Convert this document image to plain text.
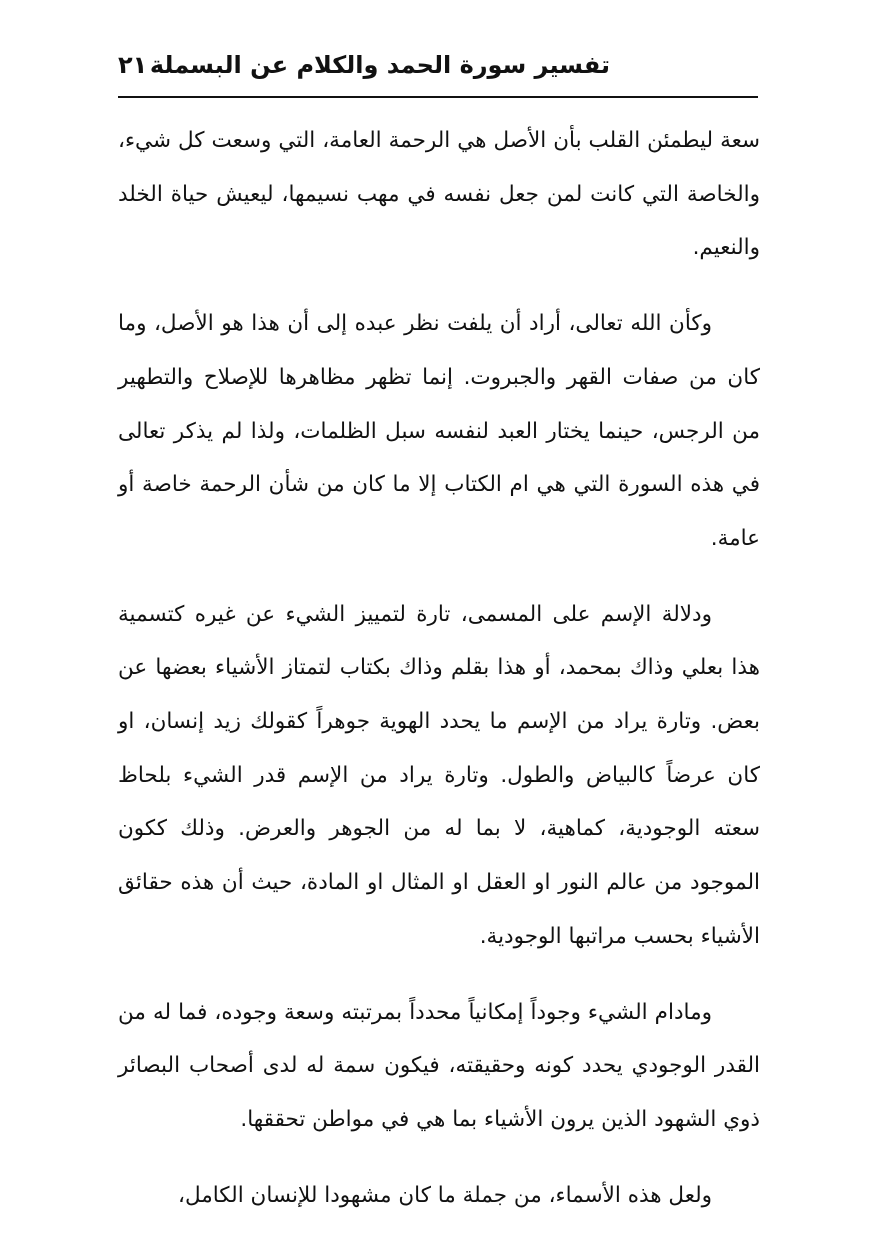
تفسير سورة الحمد والكلام عن البسملة
٢١

سعة ليطمئن القلب بأن الأصل هي الرحمة العامة، التي وسعت كل شيء، والخاصة التي كانت لمن جعل نفسه في مهب نسيمها، ليعيش حياة الخلد والنعيم.

وكأن الله تعالى، أراد أن يلفت نظر عبده إلى أن هذا هو الأصل، وما كان من صفات القهر والجبروت. إنما تظهر مظاهرها للإصلاح والتطهير من الرجس، حينما يختار العبد لنفسه سبل الظلمات، ولذا لم يذكر تعالى في هذه السورة التي هي ام الكتاب إلا ما كان من شأن الرحمة خاصة أو عامة.

ودلالة الإسم على المسمى، تارة لتمييز الشيء عن غيره كتسمية هذا بعلي وذاك بمحمد، أو هذا بقلم وذاك بكتاب لتمتاز الأشياء بعضها عن بعض. وتارة يراد من الإسم ما يحدد الهوية جوهراً كقولك زيد إنسان، او كان عرضاً كالبياض والطول. وتارة يراد من الإسم قدر الشيء بلحاظ سعته الوجودية، كماهية، لا بما له من الجوهر والعرض. وذلك ككون الموجود من عالم النور او العقل او المثال او المادة، حيث أن هذه حقائق الأشياء بحسب مراتبها الوجودية.

ومادام الشيء وجوداً إمكانياً محدداً بمرتبته وسعة وجوده، فما له من القدر الوجودي يحدد كونه وحقيقته، فيكون سمة له لدى أصحاب البصائر ذوي الشهود الذين يرون الأشياء بما هي في مواطن تحققها.

ولعل هذه الأسماء، من جملة ما كان مشهودا للإنسان الكامل،
